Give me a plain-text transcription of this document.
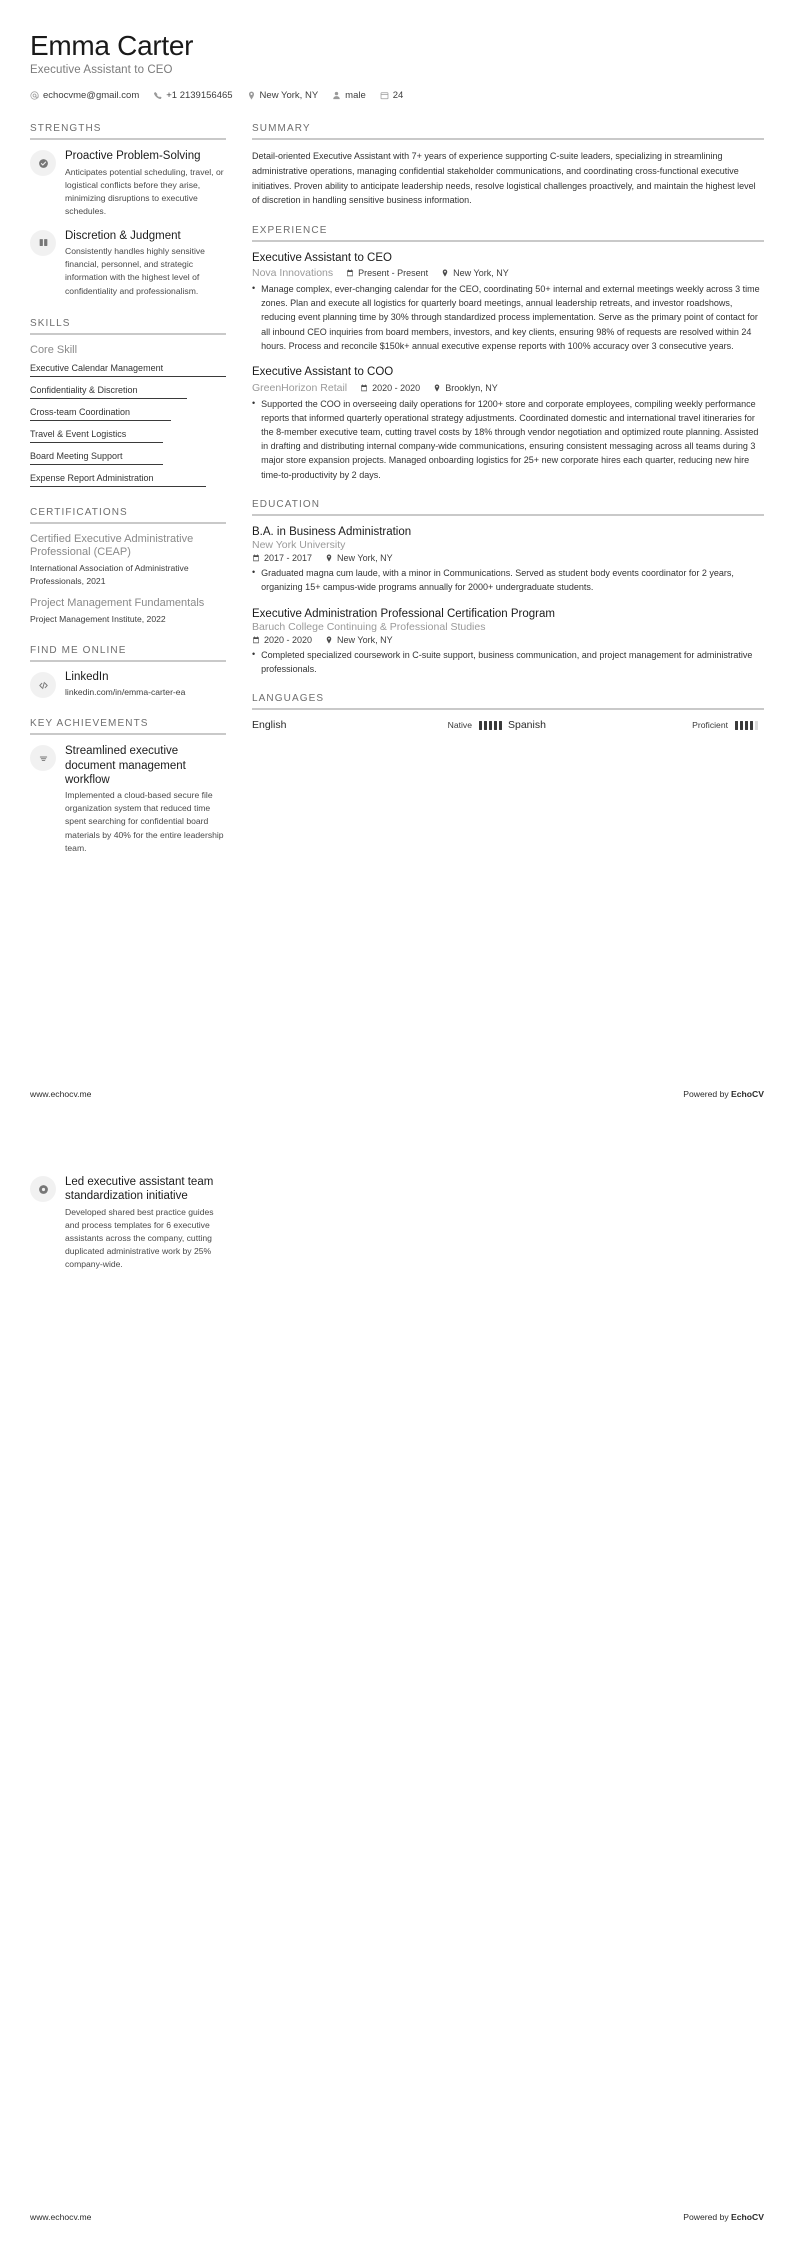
Emma Carter
Executive Assistant to CEO
echocvme@gmail.com	+1 2139156465	New York, NY	male	24
STRENGTHS
Proactive Problem-Solving
Anticipates potential scheduling, travel, or logistical conflicts before they arise, minimizing disruptions to executive schedules.
Discretion & Judgment
Consistently handles highly sensitive financial, personnel, and strategic information with the highest level of confidentiality and professionalism.
SKILLS
Core Skill
Executive Calendar Management
Confidentiality & Discretion
Cross-team Coordination
Travel & Event Logistics
Board Meeting Support
Expense Report Administration
CERTIFICATIONS
Certified Executive Administrative Professional (CEAP)
International Association of Administrative Professionals, 2021
Project Management Fundamentals
Project Management Institute, 2022
FIND ME ONLINE
LinkedIn
linkedin.com/in/emma-carter-ea
KEY ACHIEVEMENTS
Streamlined executive document management workflow
Implemented a cloud-based secure file organization system that reduced time spent searching for confidential board materials by 40% for the entire leadership team.
SUMMARY
Detail-oriented Executive Assistant with 7+ years of experience supporting C-suite leaders, specializing in streamlining administrative operations, managing confidential stakeholder communications, and coordinating cross-functional executive initiatives. Proven ability to anticipate leadership needs, resolve logistical challenges proactively, and maintain the highest level of discretion in handling sensitive business information.
EXPERIENCE
Executive Assistant to CEO
Nova Innovations	Present - Present	New York, NY
• Manage complex, ever-changing calendar for the CEO, coordinating 50+ internal and external meetings weekly across 3 time zones. Plan and execute all logistics for quarterly board meetings, annual leadership retreats, and investor roadshows, reducing event planning time by 30% through standardized process implementation. Serve as the primary point of contact for all inbound CEO inquiries from board members, investors, and key clients, ensuring 98% of requests are resolved within 24 hours. Process and reconcile $150k+ annual executive expense reports with 100% accuracy over 3 consecutive years.
Executive Assistant to COO
GreenHorizon Retail	2020 - 2020	Brooklyn, NY
• Supported the COO in overseeing daily operations for 1200+ store and corporate employees, compiling weekly performance reports that informed quarterly operational strategy adjustments. Coordinated domestic and international travel itineraries for the 8-member executive team, cutting travel costs by 18% through vendor negotiation and optimized route planning. Assisted in drafting and distributing internal company-wide communications, ensuring consistent messaging across all teams during 3 major store expansion projects. Managed onboarding logistics for 25+ new corporate hires each quarter, reducing new hire time-to-productivity by 2 days.
EDUCATION
B.A. in Business Administration
New York University
2017 - 2017	New York, NY
• Graduated magna cum laude, with a minor in Communications. Served as student body events coordinator for 2 years, organizing 15+ campus-wide programs annually for 2000+ undergraduate students.
Executive Administration Professional Certification Program
Baruch College Continuing & Professional Studies
2020 - 2020	New York, NY
• Completed specialized coursework in C-suite support, business communication, and project management for administrative professionals.
LANGUAGES
English	Native	Spanish	Proficient
www.echocv.me	Powered by EchoCV
Led executive assistant team standardization initiative
Developed shared best practice guides and process templates for 6 executive assistants across the company, cutting duplicated administrative work by 25% company-wide.
www.echocv.me	Powered by EchoCV
